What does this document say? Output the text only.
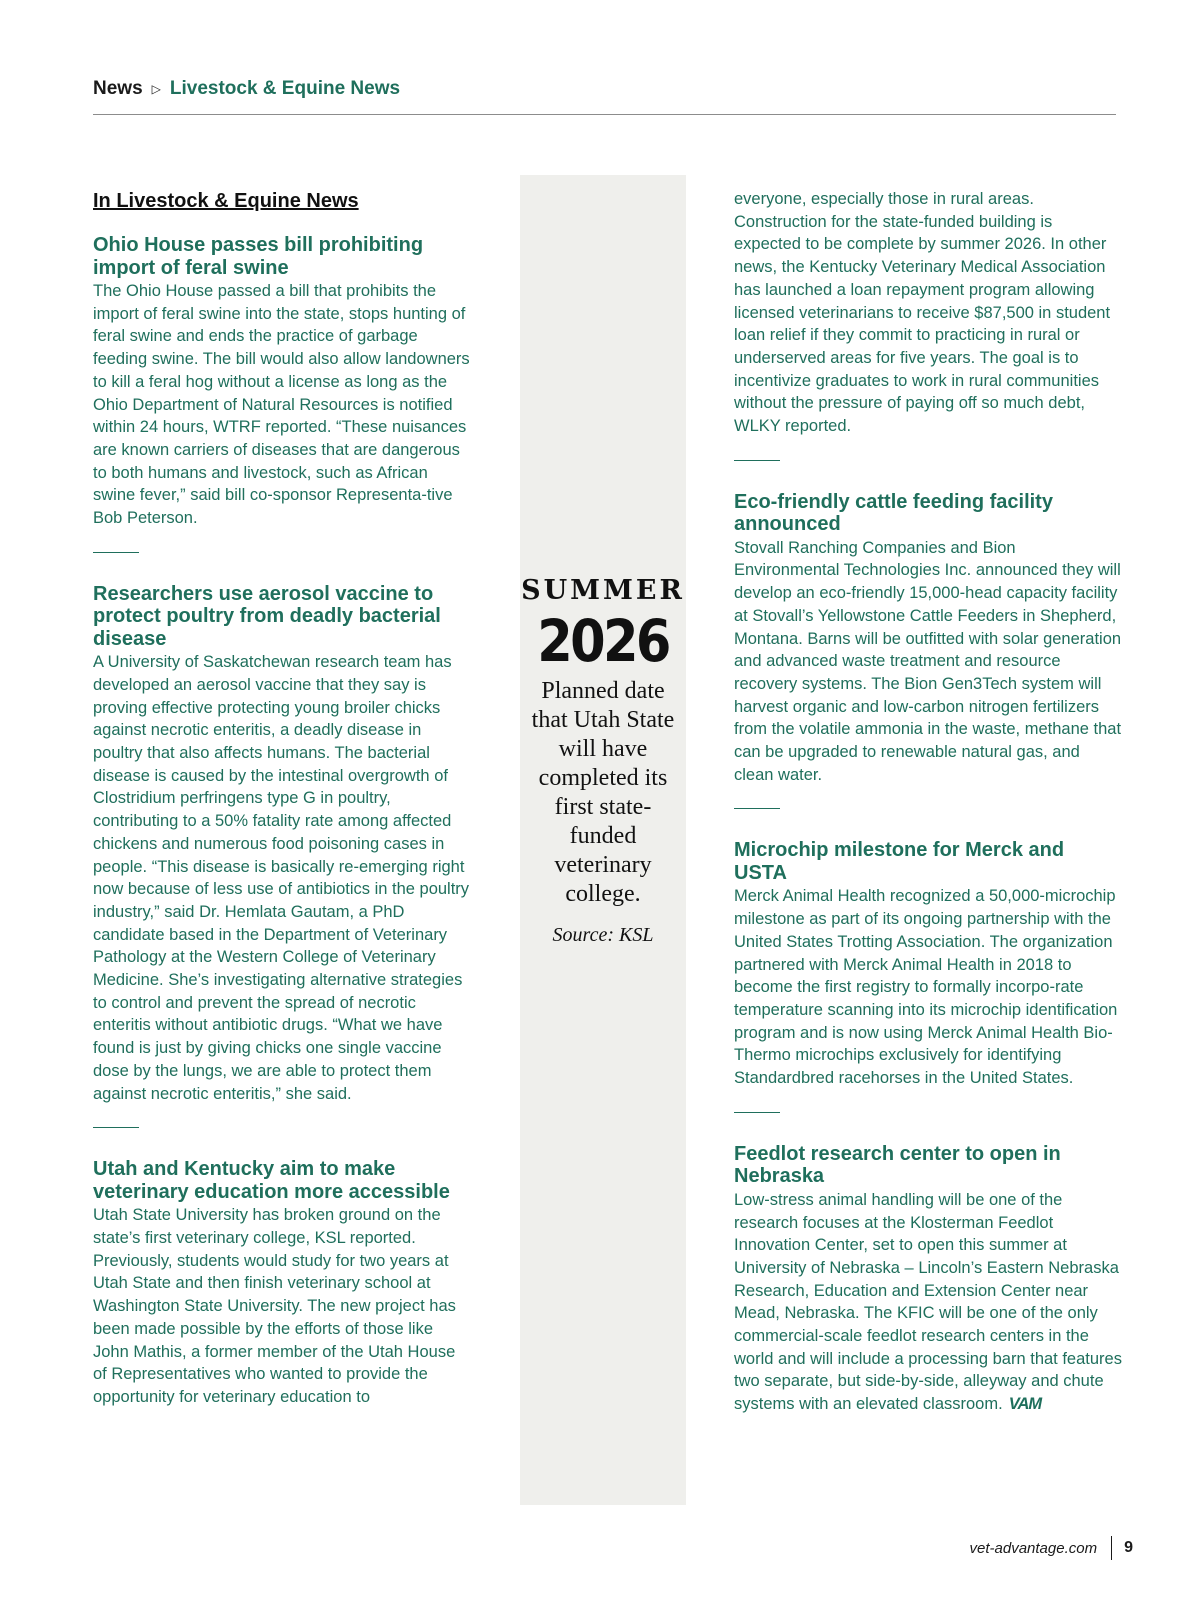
News ▷ Livestock & Equine News
In Livestock & Equine News
Ohio House passes bill prohibiting import of feral swine

The Ohio House passed a bill that prohibits the import of feral swine into the state, stops hunting of feral swine and ends the practice of garbage feeding swine. The bill would also allow landowners to kill a feral hog without a license as long as the Ohio Department of Natural Resources is notified within 24 hours, WTRF reported. “These nuisances are known carriers of diseases that are dangerous to both humans and livestock, such as African swine fever,” said bill co-sponsor Representa-tive Bob Peterson.

Researchers use aerosol vaccine to protect poultry from deadly bacterial disease

A University of Saskatchewan research team has developed an aerosol vaccine that they say is proving effective protecting young broiler chicks against necrotic enteritis, a deadly disease in poultry that also affects humans. The bacterial disease is caused by the intestinal overgrowth of Clostridium perfringens type G in poultry, contributing to a 50% fatality rate among affected chickens and numerous food poisoning cases in people. “This disease is basically re-emerging right now because of less use of antibiotics in the poultry industry,” said Dr. Hemlata Gautam, a PhD candidate based in the Department of Veterinary Pathology at the Western College of Veterinary Medicine. She’s investigating alternative strategies to control and prevent the spread of necrotic enteritis without antibiotic drugs. “What we have found is just by giving chicks one single vaccine dose by the lungs, we are able to protect them against necrotic enteritis,” she said.

Utah and Kentucky aim to make veterinary education more accessible

Utah State University has broken ground on the state’s first veterinary college, KSL reported. Previously, students would study for two years at Utah State and then finish veterinary school at Washington State University. The new project has been made possible by the efforts of those like John Mathis, a former member of the Utah House of Representatives who wanted to provide the opportunity for veterinary education to

SUMMER
2026
Planned date that Utah State will have completed its first state-funded veterinary college.
Source: KSL

everyone, especially those in rural areas. Construction for the state-funded building is expected to be complete by summer 2026. In other news, the Kentucky Veterinary Medical Association has launched a loan repayment program allowing licensed veterinarians to receive $87,500 in student loan relief if they commit to practicing in rural or underserved areas for five years. The goal is to incentivize graduates to work in rural communities without the pressure of paying off so much debt, WLKY reported.

Eco-friendly cattle feeding facility announced

Stovall Ranching Companies and Bion Environmental Technologies Inc. announced they will develop an eco-friendly 15,000-head capacity facility at Stovall’s Yellowstone Cattle Feeders in Shepherd, Montana. Barns will be outfitted with solar generation and advanced waste treatment and resource recovery systems. The Bion Gen3Tech system will harvest organic and low-carbon nitrogen fertilizers from the volatile ammonia in the waste, methane that can be upgraded to renewable natural gas, and clean water.

Microchip milestone for Merck and USTA

Merck Animal Health recognized a 50,000-microchip milestone as part of its ongoing partnership with the United States Trotting Association. The organization partnered with Merck Animal Health in 2018 to become the first registry to formally incorpo-rate temperature scanning into its microchip identification program and is now using Merck Animal Health Bio-Thermo microchips exclusively for identifying Standardbred racehorses in the United States.

Feedlot research center to open in Nebraska

Low-stress animal handling will be one of the research focuses at the Klosterman Feedlot Innovation Center, set to open this summer at University of Nebraska – Lincoln’s Eastern Nebraska Research, Education and Extension Center near Mead, Nebraska. The KFIC will be one of the only commercial-scale feedlot research centers in the world and will include a processing barn that features two separate, but side-by-side, alleyway and chute systems with an elevated classroom. VAM

vet-advantage.com 9
